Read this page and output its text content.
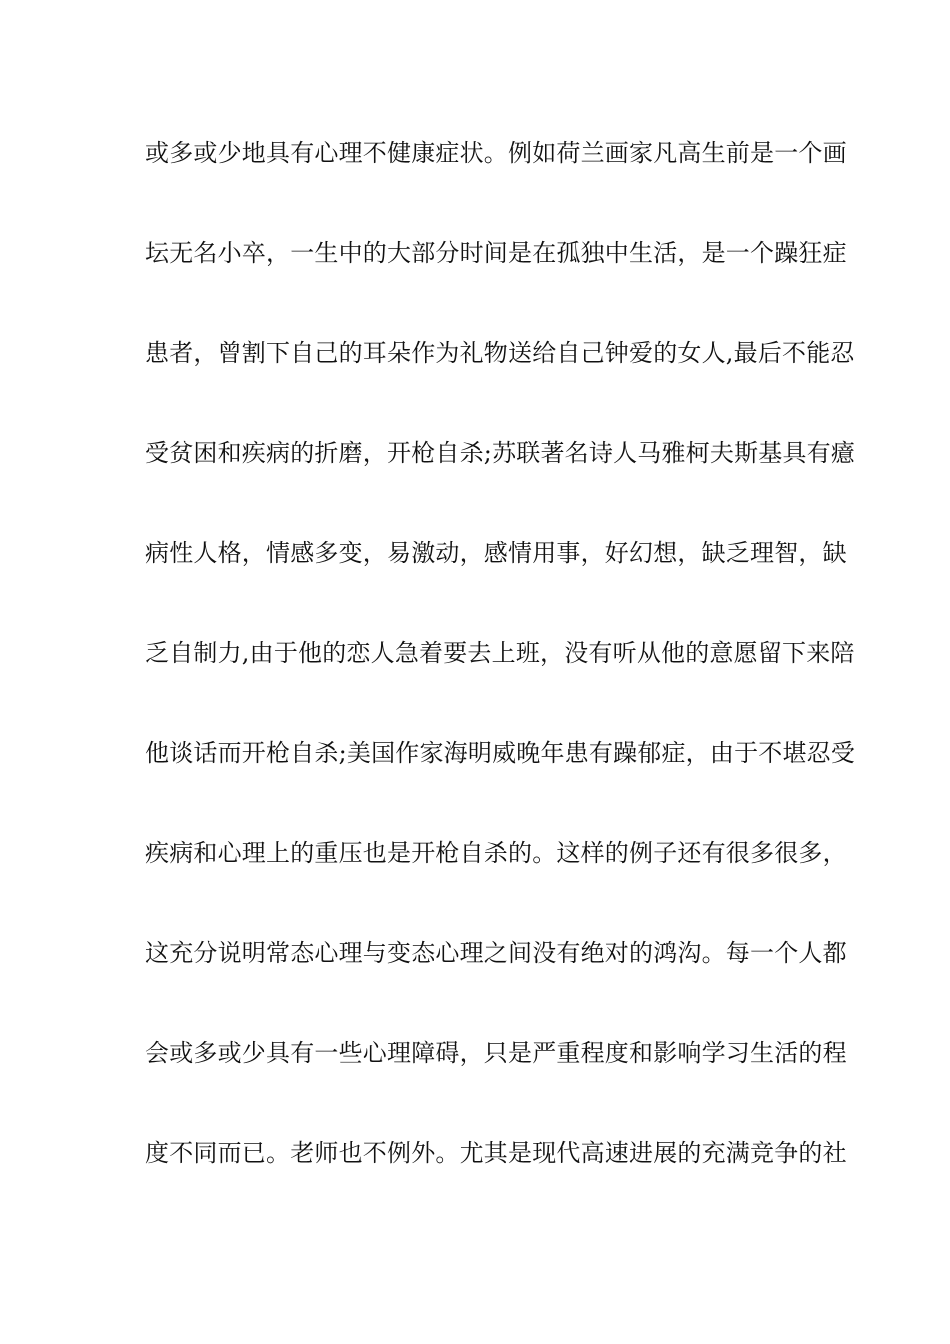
或多或少地具有心理不健康症状。例如荷兰画家凡高生前是一个画
坛无名小卒，一生中的大部分时间是在孤独中生活，是一个躁狂症
患者，曾割下自己的耳朵作为礼物送给自己钟爱的女人,最后不能忍
受贫困和疾病的折磨，开枪自杀;苏联著名诗人马雅柯夫斯基具有癔
病性人格，情感多变，易激动，感情用事，好幻想，缺乏理智，缺
乏自制力,由于他的恋人急着要去上班，没有听从他的意愿留下来陪
他谈话而开枪自杀;美国作家海明威晚年患有躁郁症，由于不堪忍受
疾病和心理上的重压也是开枪自杀的。这样的例子还有很多很多，
这充分说明常态心理与变态心理之间没有绝对的鸿沟。每一个人都
会或多或少具有一些心理障碍，只是严重程度和影响学习生活的程
度不同而已。老师也不例外。尤其是现代高速进展的充满竞争的社
